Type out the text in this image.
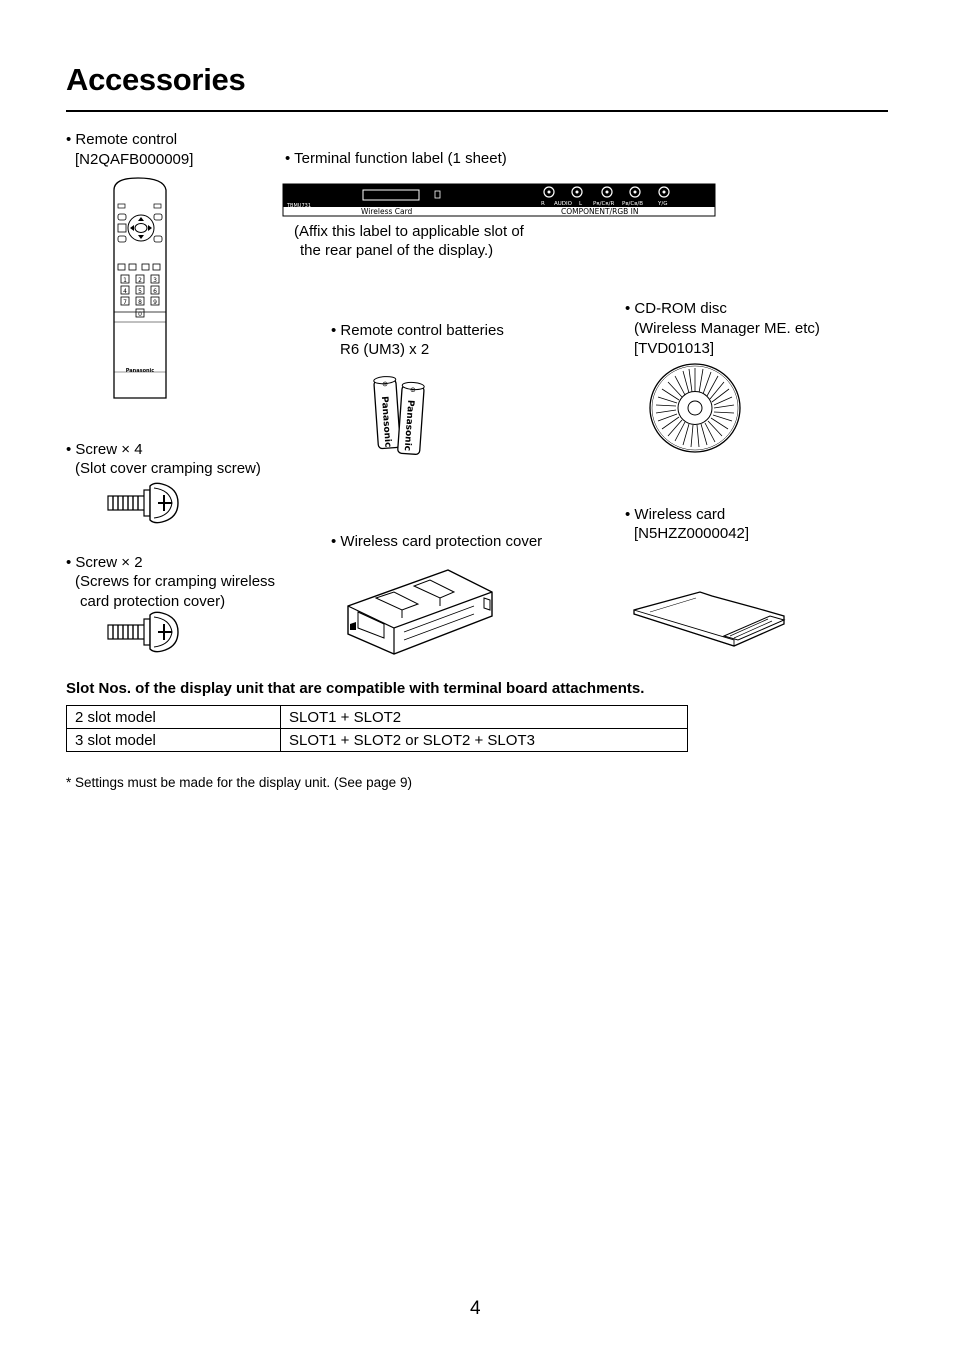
Accessories
• Remote control
[N2QAFB000009]
1 2 3
4 5 6
7 8 9
0
Panasonic
• Terminal function label (1 sheet)
TBMU731
>PET<
R AUDIO L Pʀ/Cʀ/R Pʙ/Cʙ/B	Y/G
Wireless Card	COMPONENT/RGB IN
(Affix this label to applicable slot of
the rear panel of the display.)
• Remote control batteries
R6 (UM3) x 2
⊕
Panasonic
⊕
Panasonic
• CD-ROM disc
(Wireless Manager ME. etc)
[TVD01013]
• Screw × 4
(Slot cover cramping screw)
• Wireless card protection cover
• Wireless card
[N5HZZ0000042]
• Screw × 2
(Screws for cramping wireless
card protection cover)
Slot Nos. of the display unit that are compatible with terminal board attachments.
2 slot model	SLOT1 + SLOT2
3 slot model	SLOT1 + SLOT2 or SLOT2 + SLOT3
* Settings must be made for the display unit. (See page 9)
4
